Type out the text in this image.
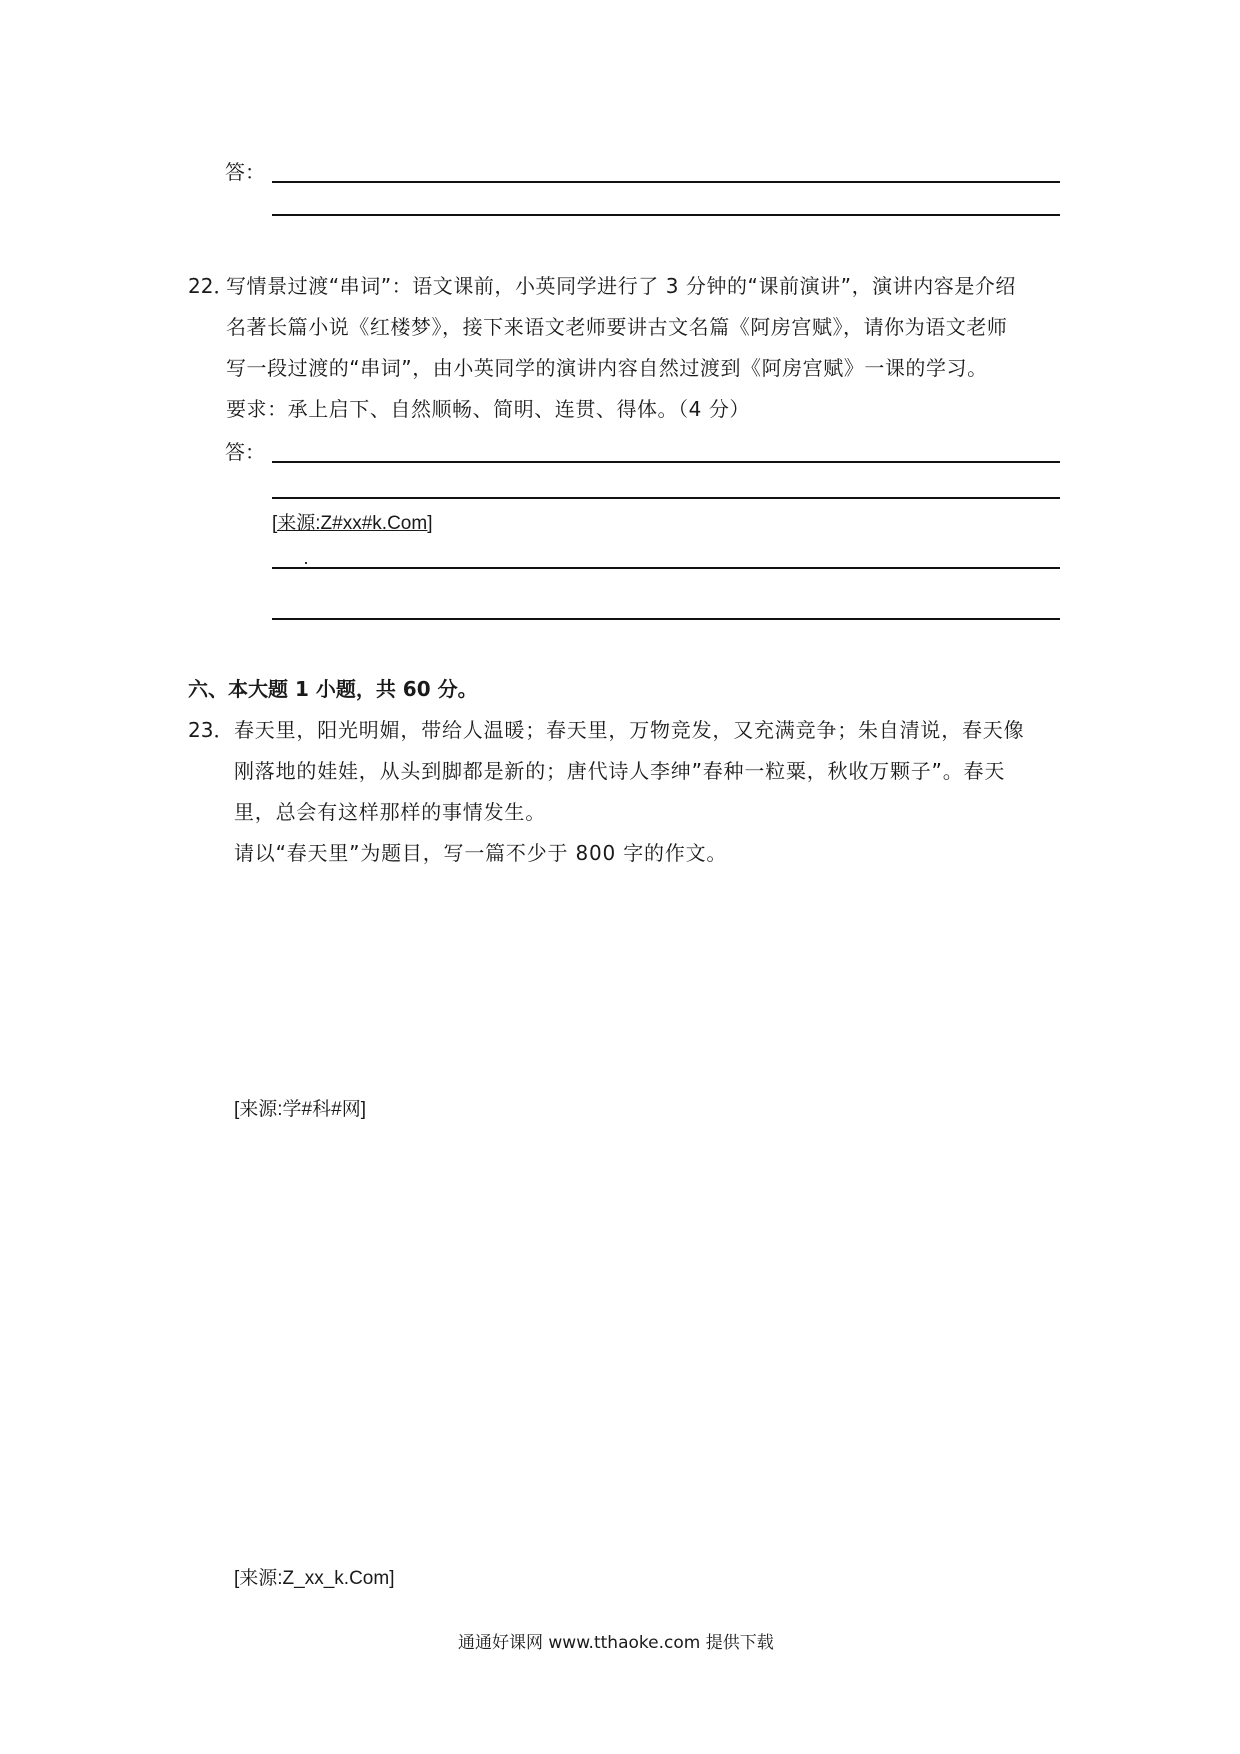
答：
22．
写情景过渡“串词”：语文课前，小英同学进行了 3 分钟的“课前演讲”，演讲内容是介绍
名著长篇小说《红楼梦》，接下来语文老师要讲古文名篇《阿房宫赋》，请你为语文老师
写一段过渡的“串词”，由小英同学的演讲内容自然过渡到《阿房宫赋》一课的学习。
要求：承上启下、自然顺畅、简明、连贯、得体。（4 分）
答：
[来源:Z#xx#k.Com]
六、本大题 1 小题，共 60 分。
23． 春天里，阳光明媚，带给人温暖；春天里，万物竞发，又充满竞争；朱自清说，春天像
刚落地的娃娃，从头到脚都是新的；唐代诗人李绅”春种一粒粟，秋收万颗子”。春天
里，总会有这样那样的事情发生。
请以“春天里”为题目，写一篇不少于 800 字的作文。
[来源:学#科#网]
[来源:Z_xx_k.Com]
通通好课网 www.tthaoke.com 提供下载
